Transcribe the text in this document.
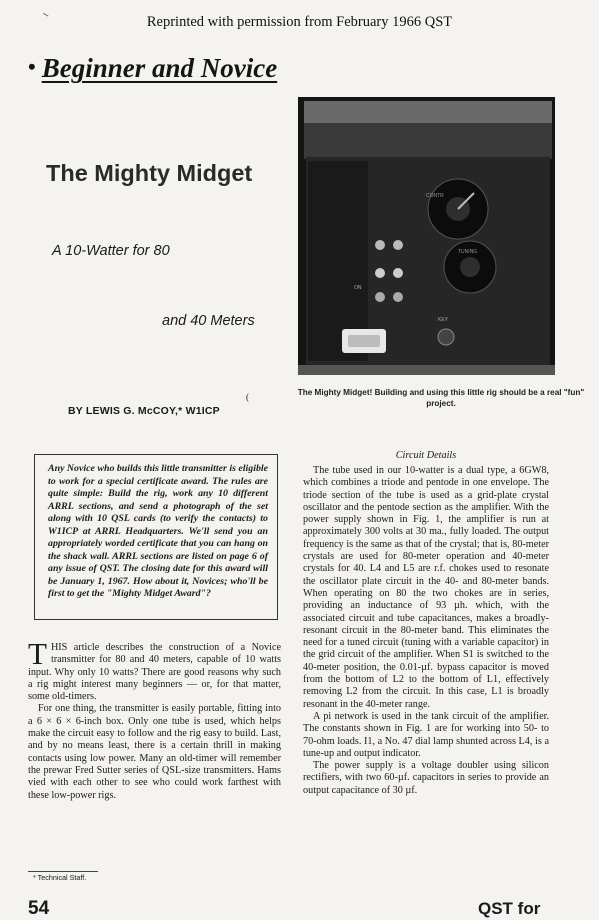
Reprinted with permission from February 1966 QST
• Beginner and Novice
The Mighty Midget
A 10-Watter for 80
and 40 Meters
(
BY LEWIS G. McCOY,* W1ICP
CONTR
TUNING
ON
KEY
The Mighty Midget! Building and using this little rig should be a real "fun" project.

Any Novice who builds this little transmitter is eligible to work for a special certificate award. The rules are quite simple: Build the rig, work any 10 different ARRL sections, and send a photograph of the set along with 10 QSL cards (to verify the contacts) to W1ICP at ARRL Headquarters. We'll send you an appropriately worded certificate that you can hang on the shack wall. ARRL sections are listed on page 6 of any issue of QST. The closing date for this award will be January 1, 1967. How about it, Novices; who'll be first to get the "Mighty Midget Award"?

THIS article describes the construction of a Novice transmitter for 80 and 40 meters, capable of 10 watts input. Why only 10 watts? There are good reasons why such a rig might interest many beginners — or, for that matter, some old-timers.

For one thing, the transmitter is easily portable, fitting into a 6 × 6 × 6-inch box. Only one tube is used, which helps make the circuit easy to follow and the rig easy to build. Last, and by no means least, there is a certain thrill in making contacts using low power. Many an old-timer will remember the prewar Fred Sutter series of QSL-size transmitters. Hams vied with each other to see who could work farthest with these low-power rigs.

Circuit Details

The tube used in our 10-watter is a dual type, a 6GW8, which combines a triode and pentode in one envelope. The triode section of the tube is used as a grid-plate crystal oscillator and the pentode section as the amplifier. With the power supply shown in Fig. 1, the amplifier is run at approximately 300 volts at 30 ma., fully loaded. The output frequency is the same as that of the crystal; that is, 80-meter crystals are used for 80-meter operation and 40-meter crystals for 40. L4 and L5 are r.f. chokes used to resonate the oscillator plate circuit in the 40- and 80-meter bands. When operating on 80 the two chokes are in series, providing an inductance of 93 µh. which, with the associated circuit and tube capacitances, makes a broadly-resonant circuit in the 80-meter band. This eliminates the need for a tuned circuit (tuning with a variable capacitor) in the grid circuit of the amplifier. When S1 is switched to the 40-meter position, the 0.01-µf. bypass capacitor is moved from the bottom of L2 to the bottom of L1, effectively removing L2 from the circuit. In this case, L1 is broadly resonant in the 40-meter range.

A pi network is used in the tank circuit of the amplifier. The constants shown in Fig. 1 are for working into 50- to 70-ohm loads. I1, a No. 47 dial lamp shunted across L4, is a tune-up and output indicator.

The power supply is a voltage doubler using silicon rectifiers, with two 60-µf. capacitors in series to provide an output capacitance of 30 µf.

* Technical Staff.
54	QST for
